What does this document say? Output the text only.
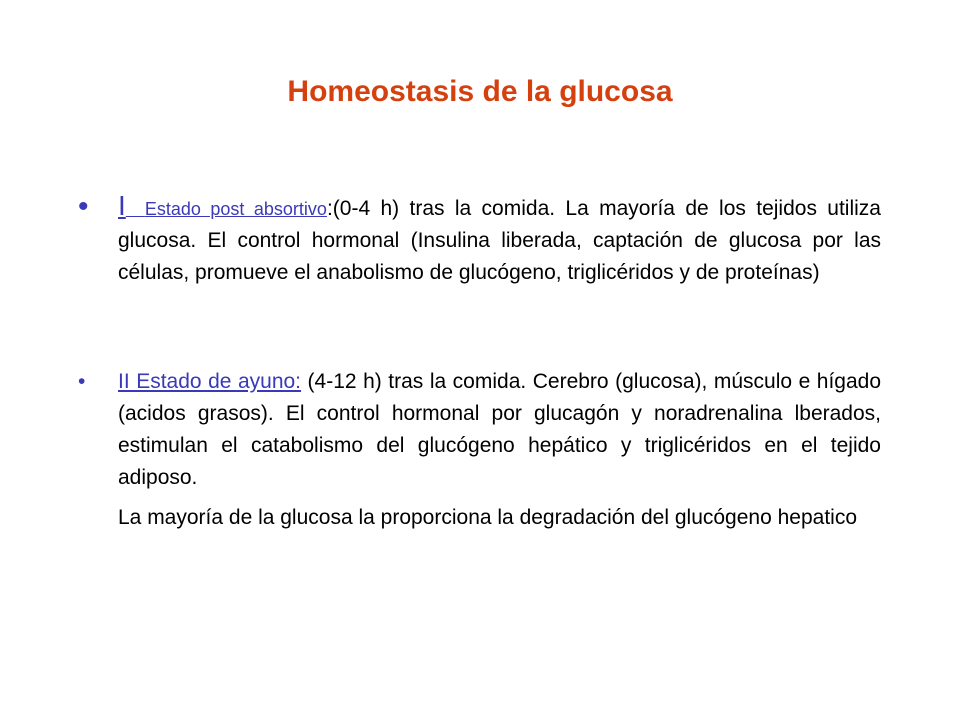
Homeostasis de la glucosa
• I Estado post absortivo:(0-4 h) tras la comida. La mayoría de los tejidos utiliza glucosa. El control hormonal (Insulina liberada, captación de glucosa por las células, promueve el anabolismo de glucógeno, triglicéridos y de proteínas)
• II Estado de ayuno: (4-12 h) tras la comida. Cerebro (glucosa), músculo e hígado (acidos grasos). El control hormonal por glucagón y noradrenalina lberados, estimulan el catabolismo del glucógeno hepático y triglicéridos en el tejido adiposo.
La mayoría de la glucosa la proporciona la degradación del glucógeno hepatico
